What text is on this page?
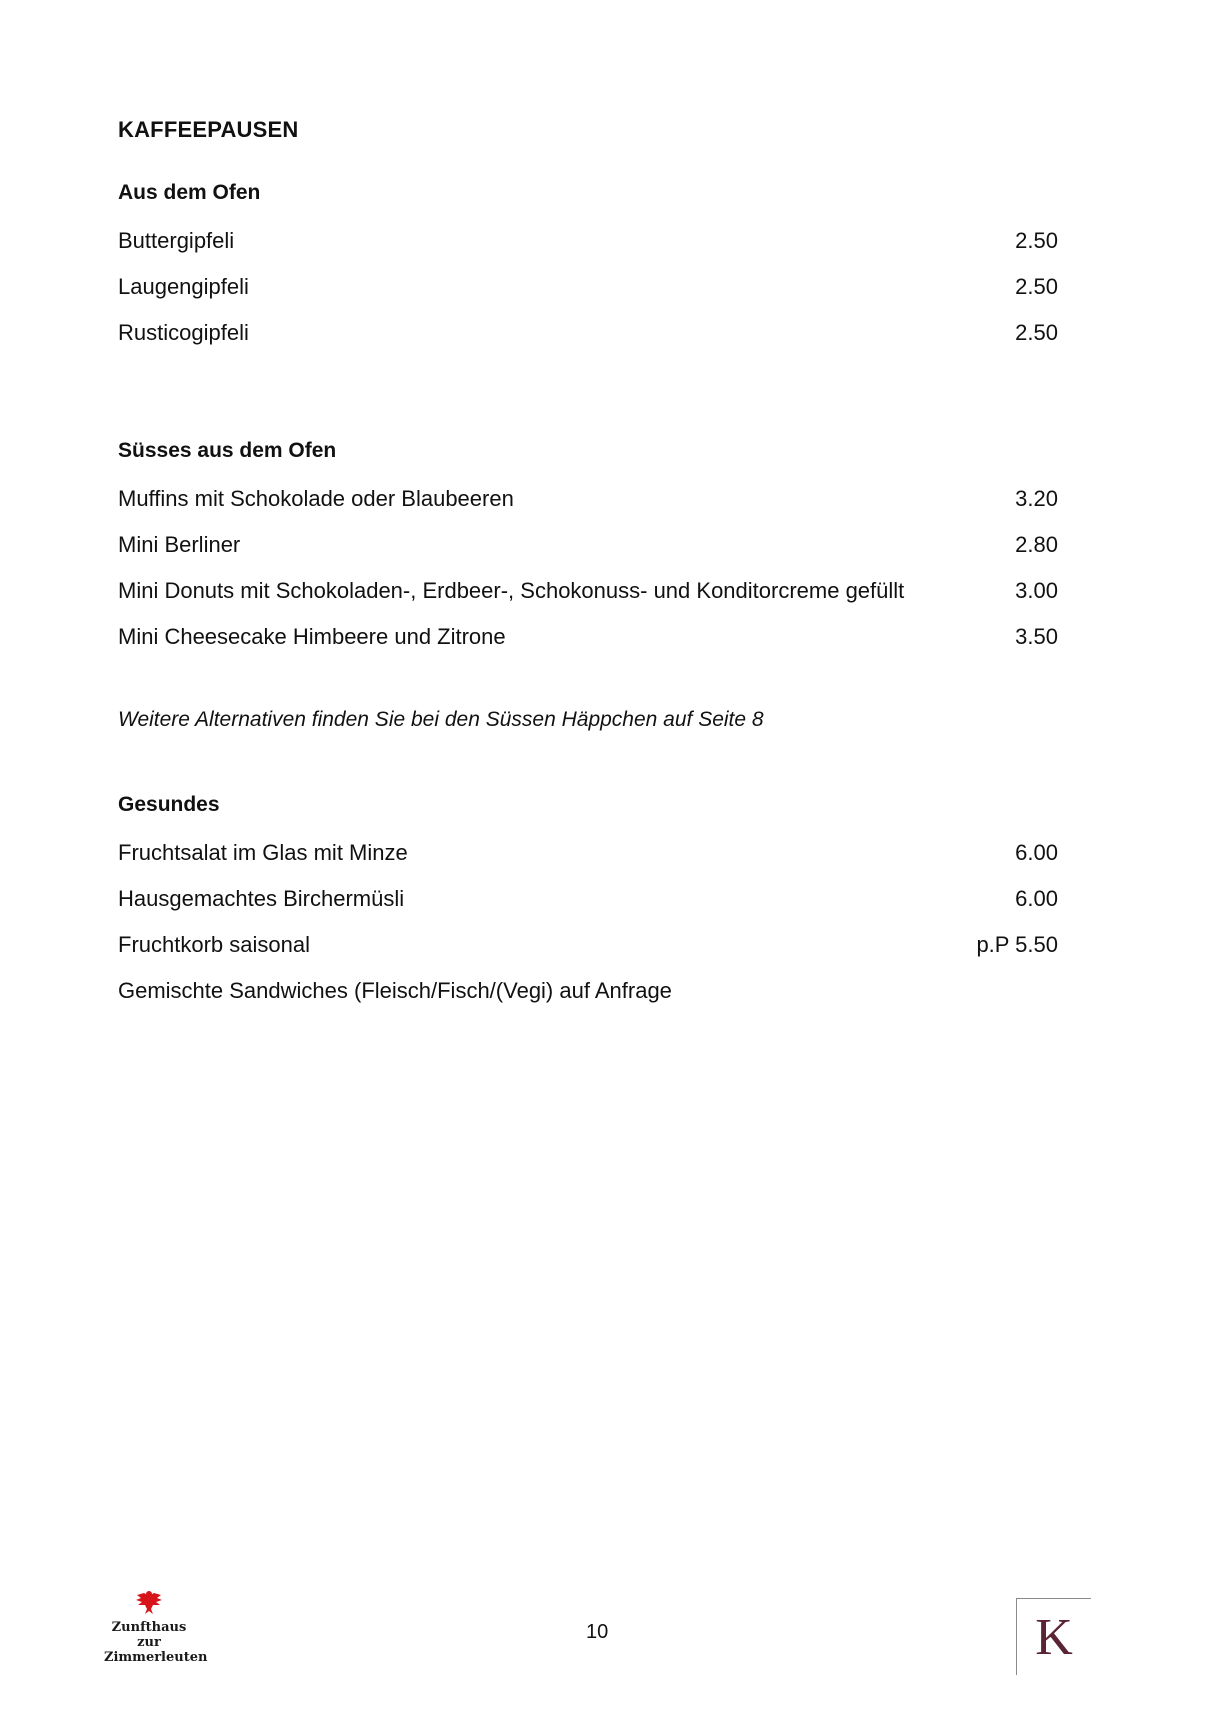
KAFFEEPAUSEN
Aus dem Ofen
Buttergipfeli	2.50
Laugengipfeli	2.50
Rusticogipfeli	2.50
Süsses aus dem Ofen
Muffins mit Schokolade oder Blaubeeren	3.20
Mini Berliner	2.80
Mini Donuts mit Schokoladen-, Erdbeer-, Schokonuss- und Konditorcreme gefüllt	3.00
Mini Cheesecake Himbeere und Zitrone	3.50
Weitere Alternativen finden Sie bei den Süssen Häppchen auf Seite 8
Gesundes
Fruchtsalat im Glas mit Minze	6.00
Hausgemachtes Birchermüsli	6.00
Fruchtkorb saisonal	p.P 5.50
Gemischte Sandwiches (Fleisch/Fisch/(Vegi) auf Anfrage
Zunfthaus
zur
Zimmerleuten
10	K
